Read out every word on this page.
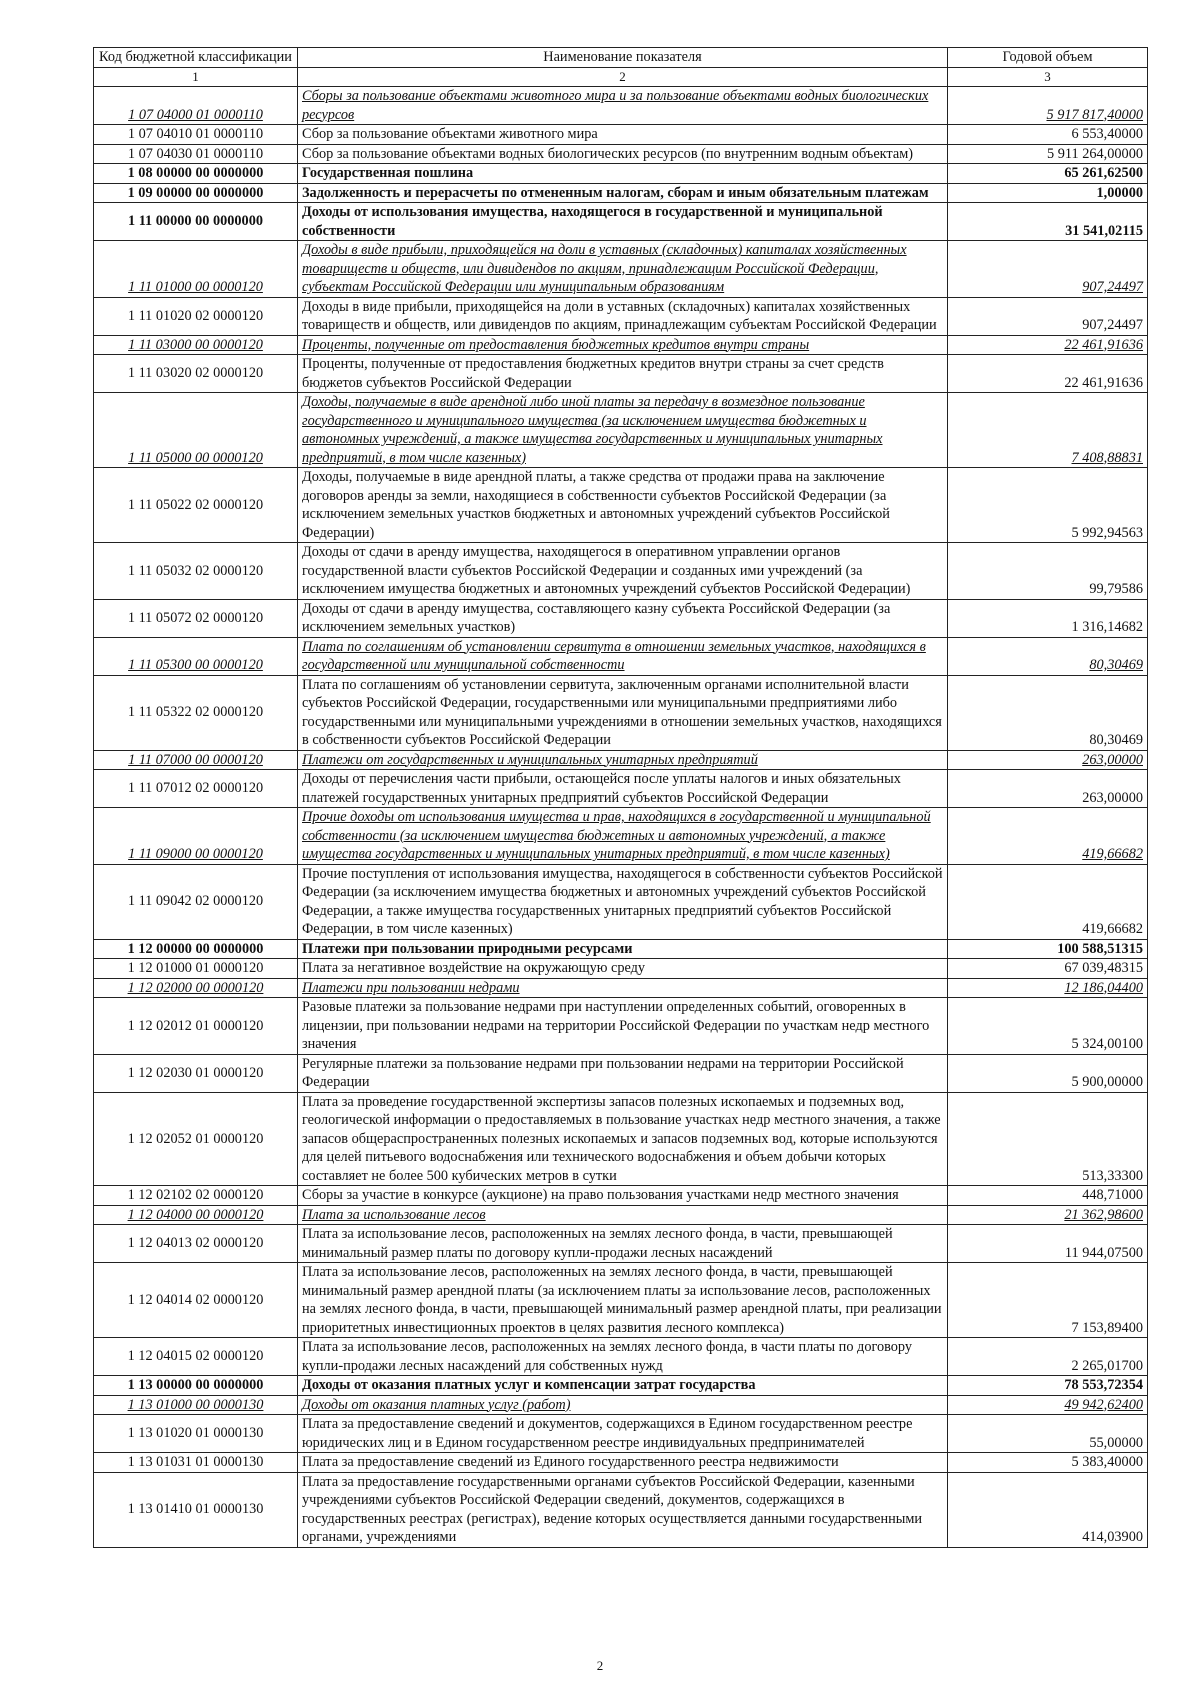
Код бюджетной классификации	Наименование показателя	Годовой объем
1	2	3
1 07 04000 01 0000110	Сборы за пользование объектами животного мира и за пользование объектами водных биологических ресурсов	5 917 817,40000
1 07 04010 01 0000110	Сбор за пользование объектами животного мира	6 553,40000
1 07 04030 01 0000110	Сбор за пользование объектами водных биологических ресурсов (по внутренним водным объектам)	5 911 264,00000
1 08 00000 00 0000000	Государственная пошлина	65 261,62500
1 09 00000 00 0000000	Задолженность и перерасчеты по отмененным налогам, сборам и иным обязательным платежам	1,00000
1 11 00000 00 0000000	Доходы от использования имущества, находящегося в государственной и муниципальной собственности	31 541,02115
1 11 01000 00 0000120	Доходы в виде прибыли, приходящейся на доли в уставных (складочных) капиталах хозяйственных товариществ и обществ, или дивидендов по акциям, принадлежащим Российской Федерации, субъектам Российской Федерации или муниципальным образованиям	907,24497
1 11 01020 02 0000120	Доходы в виде прибыли, приходящейся на доли в уставных (складочных) капиталах хозяйственных товариществ и обществ, или дивидендов по акциям, принадлежащим субъектам Российской Федерации	907,24497
1 11 03000 00 0000120	Проценты, полученные от предоставления бюджетных кредитов внутри страны	22 461,91636
1 11 03020 02 0000120	Проценты, полученные от предоставления бюджетных кредитов внутри страны за счет средств бюджетов субъектов Российской Федерации	22 461,91636
1 11 05000 00 0000120	Доходы, получаемые в виде арендной либо иной платы за передачу в возмездное пользование государственного и муниципального имущества (за исключением имущества бюджетных и автономных учреждений, а также имущества государственных и муниципальных унитарных предприятий, в том числе казенных)	7 408,88831
1 11 05022 02 0000120	Доходы, получаемые в виде арендной платы, а также средства от продажи права на заключение договоров аренды за земли, находящиеся в собственности субъектов Российской Федерации (за исключением земельных участков бюджетных и автономных учреждений субъектов Российской Федерации)	5 992,94563
1 11 05032 02 0000120	Доходы от сдачи в аренду имущества, находящегося в оперативном управлении органов государственной власти субъектов Российской Федерации и созданных ими учреждений (за исключением имущества бюджетных и автономных учреждений субъектов Российской Федерации)	99,79586
1 11 05072 02 0000120	Доходы от сдачи в аренду имущества, составляющего казну субъекта Российской Федерации (за исключением земельных участков)	1 316,14682
1 11 05300 00 0000120	Плата по соглашениям об установлении сервитута в отношении земельных участков, находящихся в государственной или муниципальной собственности	80,30469
1 11 05322 02 0000120	Плата по соглашениям об установлении сервитута, заключенным органами исполнительной власти субъектов Российской Федерации, государственными или муниципальными предприятиями либо государственными или муниципальными учреждениями в отношении земельных участков, находящихся в собственности субъектов Российской Федерации	80,30469
1 11 07000 00 0000120	Платежи от государственных и муниципальных унитарных предприятий	263,00000
1 11 07012 02 0000120	Доходы от перечисления части прибыли, остающейся после уплаты налогов и иных обязательных платежей государственных унитарных предприятий субъектов Российской Федерации	263,00000
1 11 09000 00 0000120	Прочие доходы от использования имущества и прав, находящихся в государственной и муниципальной собственности (за исключением имущества бюджетных и автономных учреждений, а также имущества государственных и муниципальных унитарных предприятий, в том числе казенных)	419,66682
1 11 09042 02 0000120	Прочие поступления от использования имущества, находящегося в собственности субъектов Российской Федерации (за исключением имущества бюджетных и автономных учреждений субъектов Российской Федерации, а также имущества государственных унитарных предприятий субъектов Российской Федерации, в том числе казенных)	419,66682
1 12 00000 00 0000000	Платежи при пользовании природными ресурсами	100 588,51315
1 12 01000 01 0000120	Плата за негативное воздействие на окружающую среду	67 039,48315
1 12 02000 00 0000120	Платежи при пользовании недрами	12 186,04400
1 12 02012 01 0000120	Разовые платежи за пользование недрами при наступлении определенных событий, оговоренных в лицензии, при пользовании недрами на территории Российской Федерации по участкам недр местного значения	5 324,00100
1 12 02030 01 0000120	Регулярные платежи за пользование недрами при пользовании недрами на территории Российской Федерации	5 900,00000
1 12 02052 01 0000120	Плата за проведение государственной экспертизы запасов полезных ископаемых и подземных вод, геологической информации о предоставляемых в пользование участках недр местного значения, а также запасов общераспространенных полезных ископаемых и запасов подземных вод, которые используются для целей питьевого водоснабжения или технического водоснабжения и объем добычи которых составляет не более 500 кубических метров в сутки	513,33300
1 12 02102 02 0000120	Сборы за участие в конкурсе (аукционе) на право пользования участками недр местного значения	448,71000
1 12 04000 00 0000120	Плата за использование лесов	21 362,98600
1 12 04013 02 0000120	Плата за использование лесов, расположенных на землях лесного фонда, в части, превышающей минимальный размер платы по договору купли-продажи лесных насаждений	11 944,07500
1 12 04014 02 0000120	Плата за использование лесов, расположенных на землях лесного фонда, в части, превышающей минимальный размер арендной платы (за исключением платы за использование лесов, расположенных на землях лесного фонда, в части, превышающей минимальный размер арендной платы, при реализации приоритетных инвестиционных проектов в целях развития лесного комплекса)	7 153,89400
1 12 04015 02 0000120	Плата за использование лесов, расположенных на землях лесного фонда, в части платы по договору купли-продажи лесных насаждений для собственных нужд	2 265,01700
1 13 00000 00 0000000	Доходы от оказания платных услуг и компенсации затрат государства	78 553,72354
1 13 01000 00 0000130	Доходы от оказания платных услуг (работ)	49 942,62400
1 13 01020 01 0000130	Плата за предоставление сведений и документов, содержащихся в Едином государственном реестре юридических лиц и в Едином государственном реестре индивидуальных предпринимателей	55,00000
1 13 01031 01 0000130	Плата за предоставление сведений из Единого государственного реестра недвижимости	5 383,40000
1 13 01410 01 0000130	Плата за предоставление государственными органами субъектов Российской Федерации, казенными учреждениями субъектов Российской Федерации сведений, документов, содержащихся в государственных реестрах (регистрах), ведение которых осуществляется данными государственными органами, учреждениями	414,03900
2
